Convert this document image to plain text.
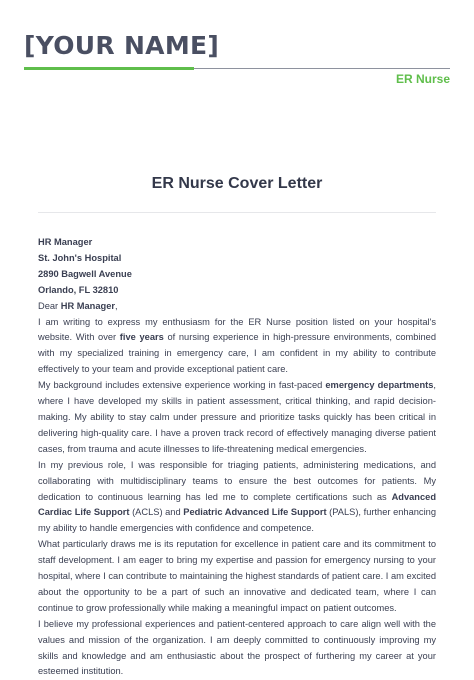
[YOUR NAME]
ER Nurse
ER Nurse Cover Letter

HR Manager

St. John's Hospital

2890 Bagwell Avenue

Orlando, FL 32810

Dear HR Manager,

I am writing to express my enthusiasm for the ER Nurse position listed on your hospital's website. With over five years of nursing experience in high-pressure environments, combined with my specialized training in emergency care, I am confident in my ability to contribute effectively to your team and provide exceptional patient care.

My background includes extensive experience working in fast-paced emergency departments, where I have developed my skills in patient assessment, critical thinking, and rapid decision-making. My ability to stay calm under pressure and prioritize tasks quickly has been critical in delivering high-quality care. I have a proven track record of effectively managing diverse patient cases, from trauma and acute illnesses to life-threatening medical emergencies.

In my previous role, I was responsible for triaging patients, administering medications, and collaborating with multidisciplinary teams to ensure the best outcomes for patients. My dedication to continuous learning has led me to complete certifications such as Advanced Cardiac Life Support (ACLS) and Pediatric Advanced Life Support (PALS), further enhancing my ability to handle emergencies with confidence and competence.

What particularly draws me is its reputation for excellence in patient care and its commitment to staff development. I am eager to bring my expertise and passion for emergency nursing to your hospital, where I can contribute to maintaining the highest standards of patient care. I am excited about the opportunity to be a part of such an innovative and dedicated team, where I can continue to grow professionally while making a meaningful impact on patient outcomes.

I believe my professional experiences and patient-centered approach to care align well with the values and mission of the organization. I am deeply committed to continuously improving my skills and knowledge and am enthusiastic about the prospect of furthering my career at your esteemed institution.
